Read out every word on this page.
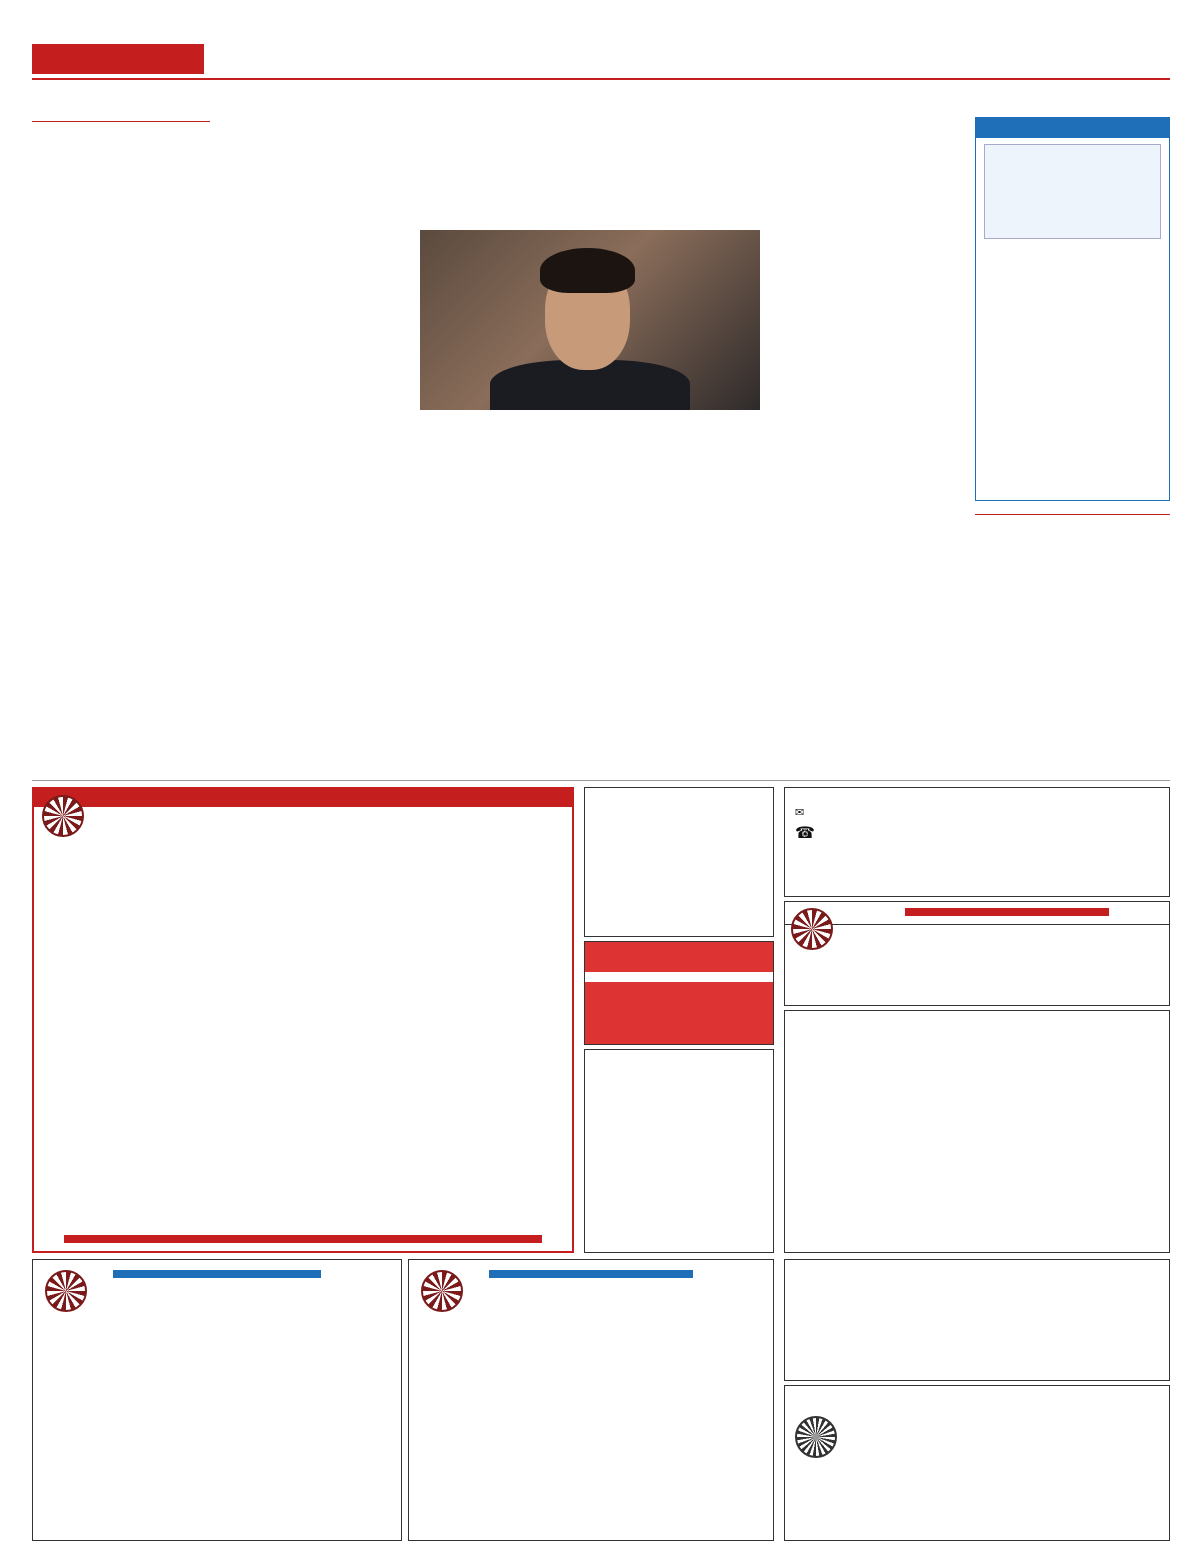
✉
☎
